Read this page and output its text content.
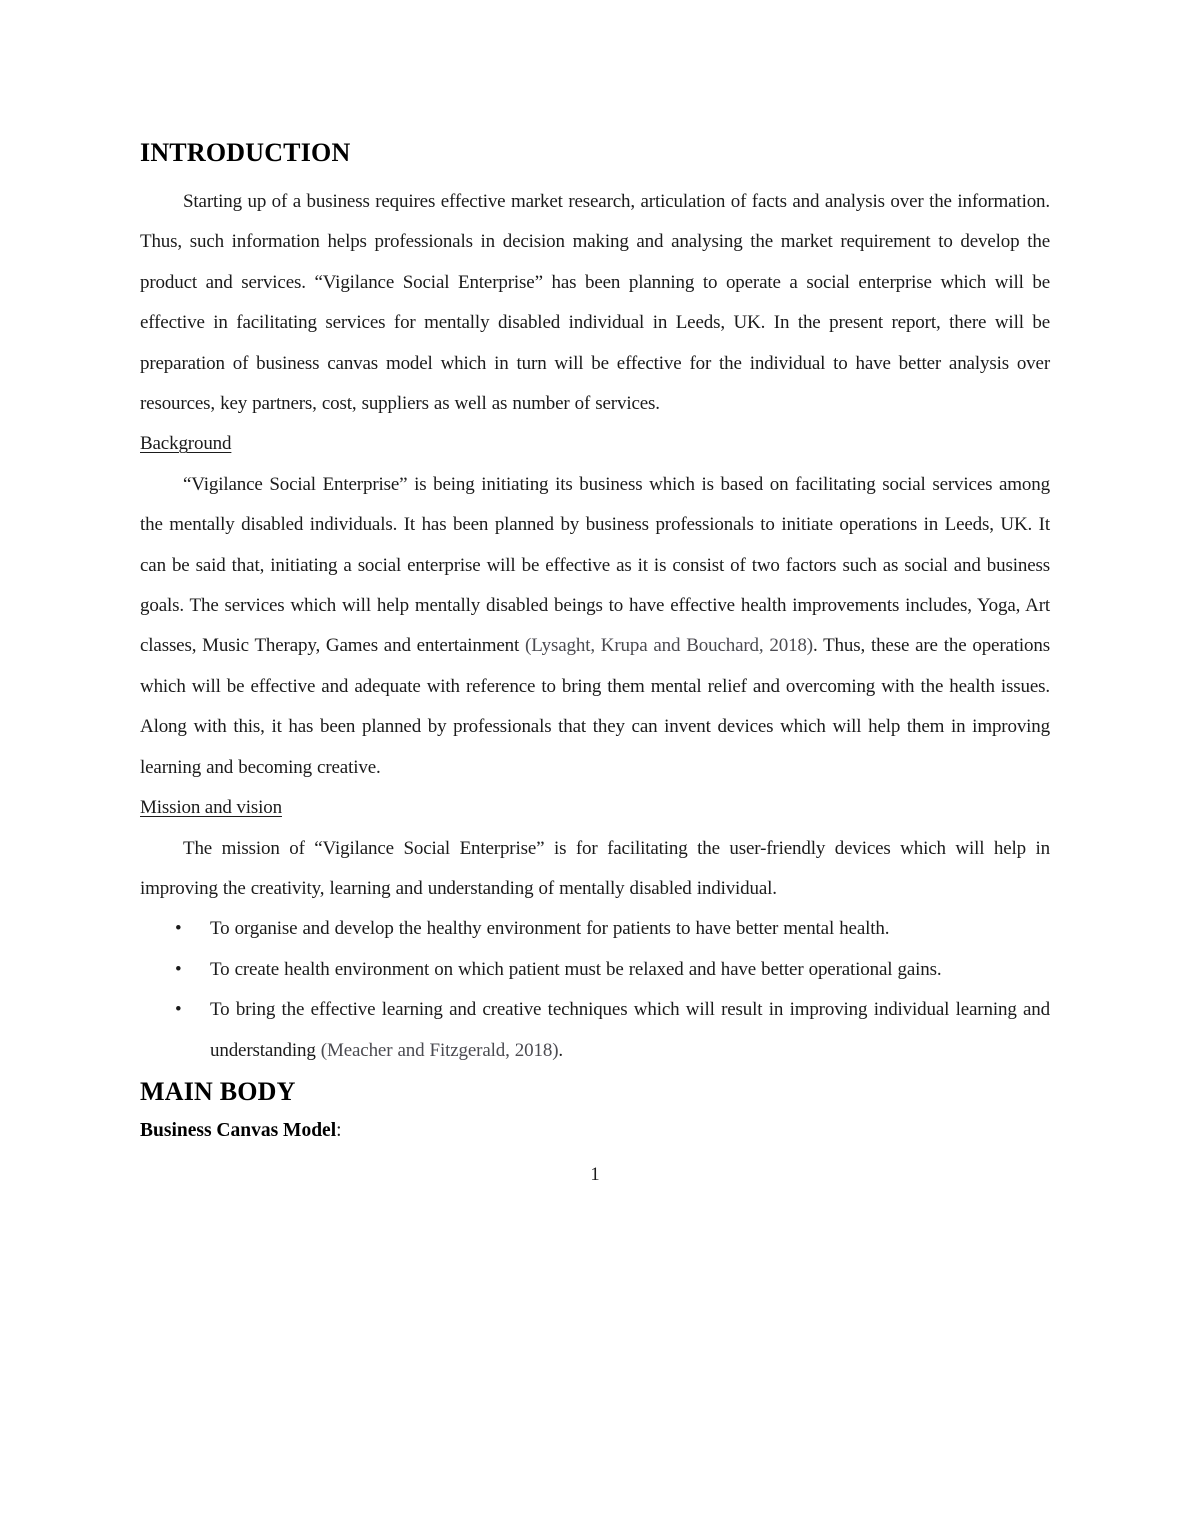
INTRODUCTION

Starting up of a business requires effective market research, articulation of facts and analysis over the information. Thus, such information helps professionals in decision making and analysing the market requirement to develop the product and services. “Vigilance Social Enterprise” has been planning to operate a social enterprise which will be effective in facilitating services for mentally disabled individual in Leeds, UK. In the present report, there will be preparation of business canvas model which in turn will be effective for the individual to have better analysis over resources, key partners, cost, suppliers as well as number of services.

Background

“Vigilance Social Enterprise” is being initiating its business which is based on facilitating social services among the mentally disabled individuals. It has been planned by business professionals to initiate operations in Leeds, UK. It can be said that, initiating a social enterprise will be effective as it is consist of two factors such as social and business goals. The services which will help mentally disabled beings to have effective health improvements includes, Yoga, Art classes, Music Therapy, Games and entertainment (Lysaght, Krupa and Bouchard, 2018). Thus, these are the operations which will be effective and adequate with reference to bring them mental relief and overcoming with the health issues. Along with this, it has been planned by professionals that they can invent devices which will help them in improving learning and becoming creative.

Mission and vision

The mission of “Vigilance Social Enterprise” is for facilitating the user-friendly devices which will help in improving the creativity, learning and understanding of mentally disabled individual.

• To organise and develop the healthy environment for patients to have better mental health.
• To create health environment on which patient must be relaxed and have better operational gains.
• To bring the effective learning and creative techniques which will result in improving individual learning and understanding (Meacher and Fitzgerald, 2018).
MAIN BODY

Business Canvas Model:

1
